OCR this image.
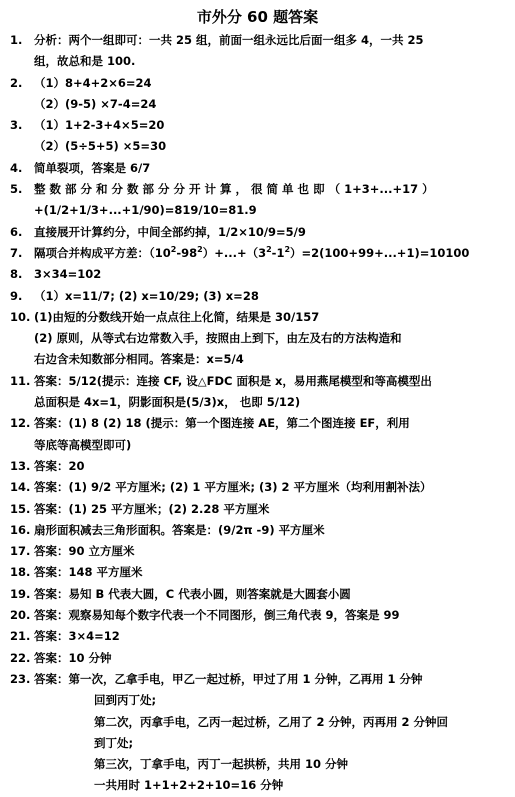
市外分 60 题答案
1.	分析：两个一组即可：一共 25 组，前面一组永远比后面一组多 4，一共 25
组，故总和是 100.
2.	（1）8+4+2×6=24
（2）(9-5) ×7-4=24
3.	（1）1+2-3+4×5=20
（2）(5÷5+5) ×5=30
4.	简单裂项，答案是 6/7
5.	整 数 部 分 和 分 数 部 分 分 开 计 算 ， 很 简 单 也 即 （ 1+3+...+17 ）
+(1/2+1/3+...+1/90)=819/10=81.9
6.	直接展开计算约分，中间全部约掉，1/2×10/9=5/9
7.	隔项合并构成平方差：$(10^2-98^2)+...+(3^2-1^2)=2(100+99+...+1)=10100$
8.	3×34=102
9.	（1）x=11/7; (2) x=10/29; (3) x=28
10. (1)由短的分数线开始一点点往上化简，结果是 30/157
(2) 原则，从等式右边常数入手，按照由上到下，由左及右的方法构造和
右边含未知数部分相同。答案是：x=5/4
11. 答案：5/12(提示：连接 CF, 设△FDC 面积是 x，易用燕尾模型和等高模型出
总面积是 4x=1，阴影面积是(5/3)x， 也即 5/12)
12. 答案：(1) 8 (2) 18 (提示：第一个图连接 AE，第二个图连接 EF，利用
等底等高模型即可)
13. 答案：20
14. 答案：(1) 9/2 平方厘米; (2) 1 平方厘米; (3) 2 平方厘米（均利用割补法）
15. 答案：(1) 25 平方厘米；(2) 2.28 平方厘米
16. 扇形面积减去三角形面积。答案是：(9/2π -9) 平方厘米
17. 答案：90 立方厘米
18. 答案：148 平方厘米
19. 答案：易知 B 代表大圆，C 代表小圆，则答案就是大圆套小圆
20. 答案：观察易知每个数字代表一个不同图形，倒三角代表 9，答案是 99
21. 答案：3×4=12
22. 答案：10 分钟
23. 答案：第一次，乙拿手电，甲乙一起过桥，甲过了用 1 分钟，乙再用 1 分钟
回到丙丁处;
第二次，丙拿手电，乙丙一起过桥，乙用了 2 分钟，丙再用 2 分钟回
到丁处;
第三次，丁拿手电，丙丁一起拱桥，共用 10 分钟
一共用时 1+1+2+2+10=16 分钟
